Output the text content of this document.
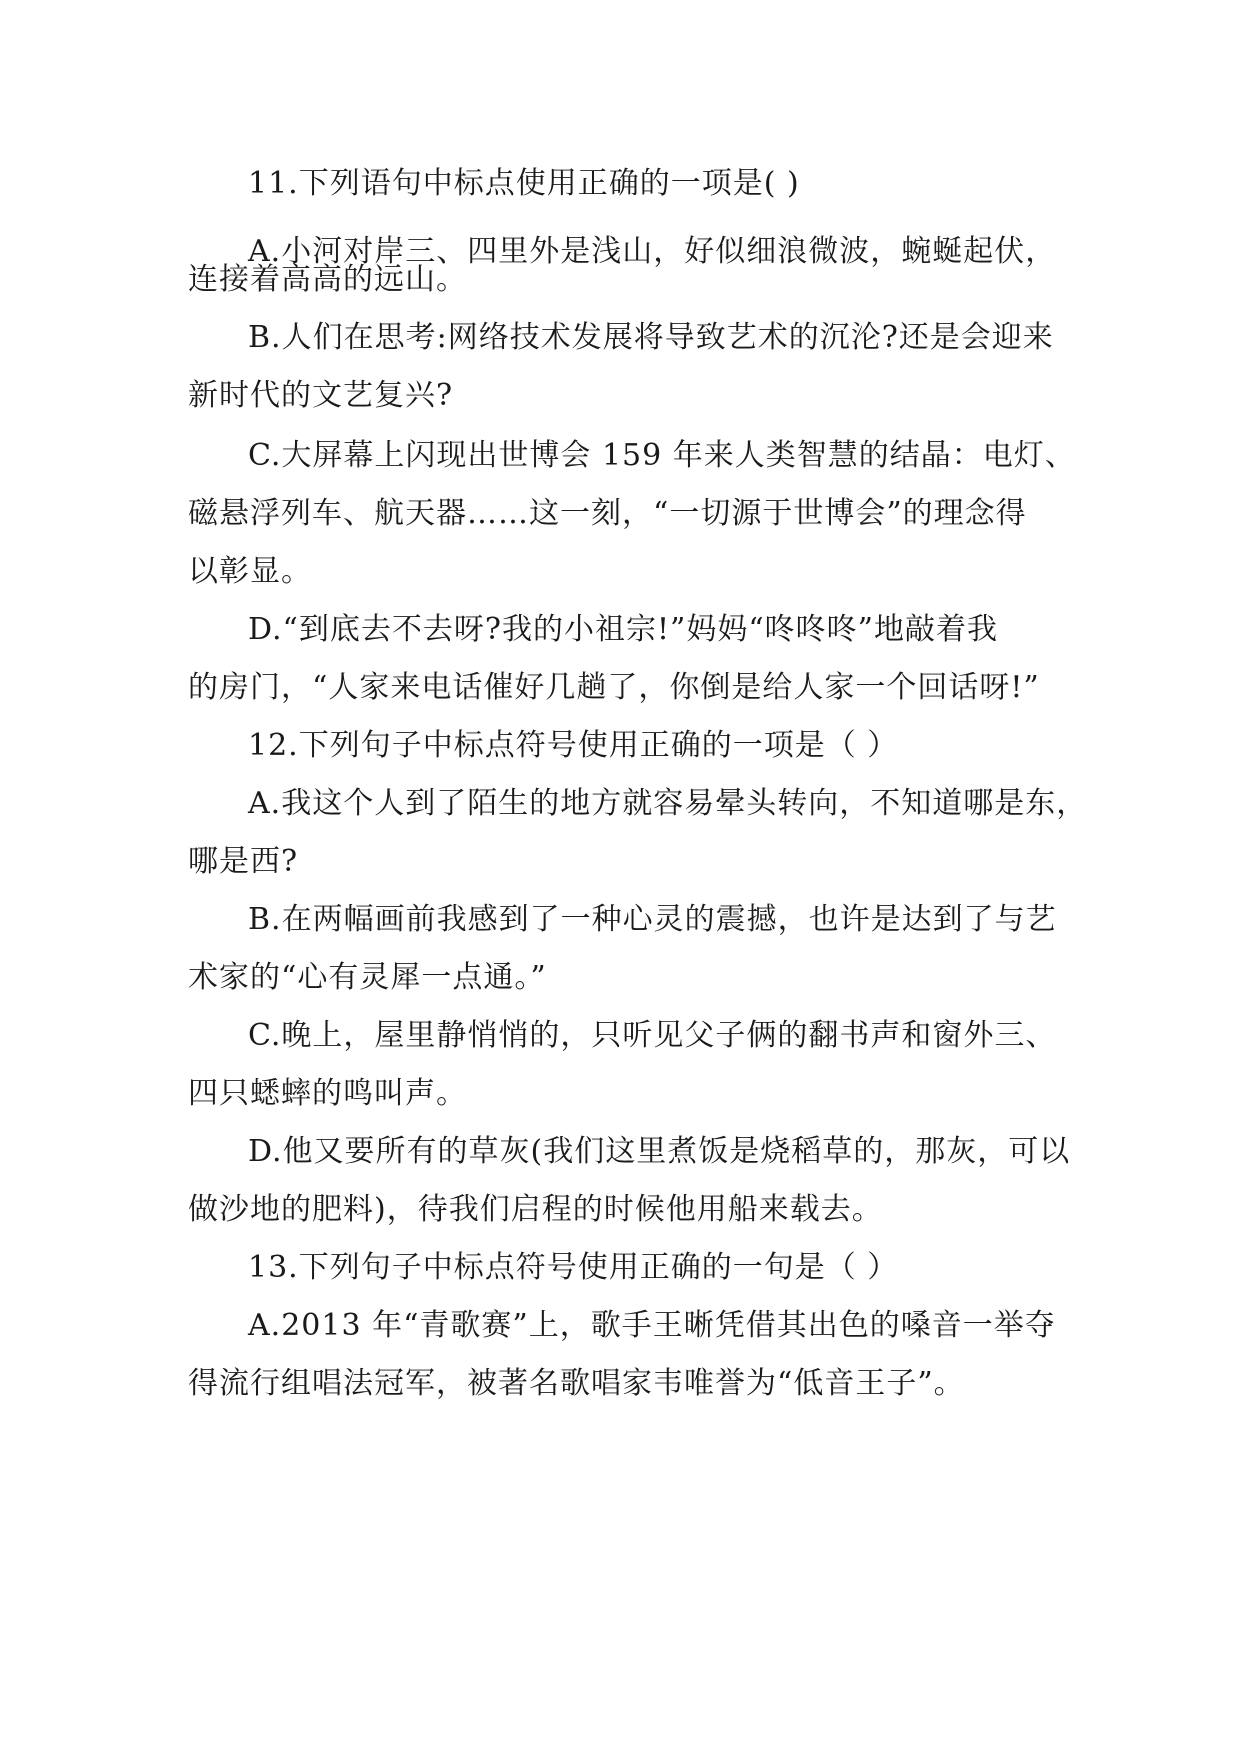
11.下列语句中标点使用正确的一项是( )
A.小河对岸三、四里外是浅山，好似细浪微波，蜿蜒起伏，
连接着高高的远山。
B.人们在思考:网络技术发展将导致艺术的沉沦?还是会迎来
新时代的文艺复兴?
C.大屏幕上闪现出世博会 159 年来人类智慧的结晶：电灯、
磁悬浮列车、航天器……这一刻，“一切源于世博会”的理念得
以彰显。
D.“到底去不去呀?我的小祖宗!”妈妈“咚咚咚”地敲着我
的房门，“人家来电话催好几趟了，你倒是给人家一个回话呀!”
12.下列句子中标点符号使用正确的一项是（ ）
A.我这个人到了陌生的地方就容易晕头转向，不知道哪是东，
哪是西?
B.在两幅画前我感到了一种心灵的震撼，也许是达到了与艺
术家的“心有灵犀一点通。”
C.晚上，屋里静悄悄的，只听见父子俩的翻书声和窗外三、
四只蟋蟀的鸣叫声。
D.他又要所有的草灰(我们这里煮饭是烧稻草的，那灰，可以
做沙地的肥料)，待我们启程的时候他用船来载去。
13.下列句子中标点符号使用正确的一句是（ ）
A.2013 年“青歌赛”上，歌手王晰凭借其出色的嗓音一举夺
得流行组唱法冠军，被著名歌唱家韦唯誉为“低音王子”。
